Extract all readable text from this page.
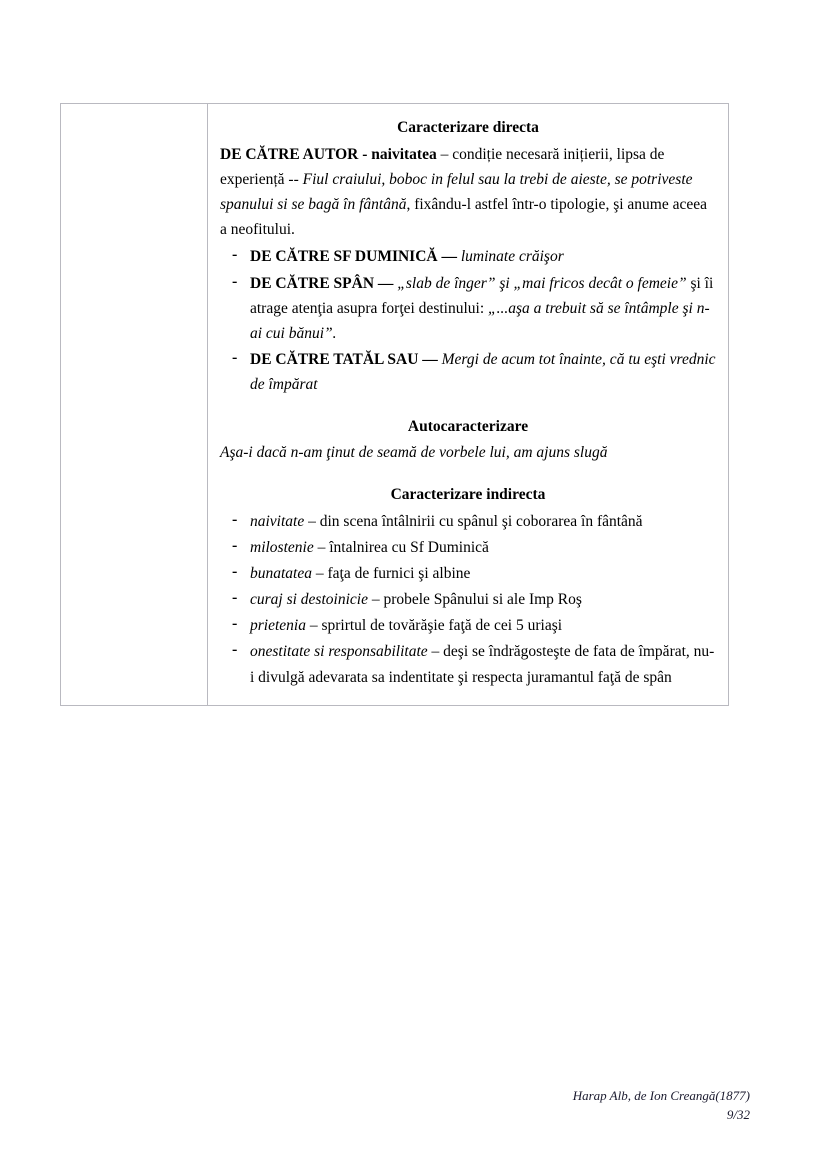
Caracterizare directa

DE CĂTRE AUTOR - naivitatea – condiție necesară inițierii, lipsa de experiență -- Fiul craiului, boboc in felul sau la trebi de aieste, se potriveste spanului si se bagă în fântână, fixându-l astfel într-o tipologie, şi anume aceea a neofitului.

- DE CĂTRE SF DUMINICĂ — luminate crăişor
- DE CĂTRE SPÂN — „slab de înger” şi „mai fricos decât o femeie” şi îi atrage atenţia asupra forţei destinului: „...aşa a trebuit să se întâmple şi n-ai cui bănui”.
- DE CĂTRE TATĂL SAU — Mergi de acum tot înainte, că tu eşti vrednic de împărat
Autocaracterizare

Aşa-i dacă n-am ţinut de seamă de vorbele lui, am ajuns slugă

Caracterizare indirecta
- naivitate – din scena întâlnirii cu spânul şi coborarea în fântână
- milostenie – întalnirea cu Sf Duminică
- bunatatea – faţa de furnici şi albine
- curaj si destoinicie – probele Spânului si ale Imp Roş
- prietenia – sprirtul de tovărăşie faţă de cei 5 uriaşi
- onestitate si responsabilitate – deşi se îndrăgosteşte de fata de împărat, nu-i divulgă adevarata sa indentitate şi respecta juramantul faţă de spân
Harap Alb, de Ion Creangă(1877)
9/32
